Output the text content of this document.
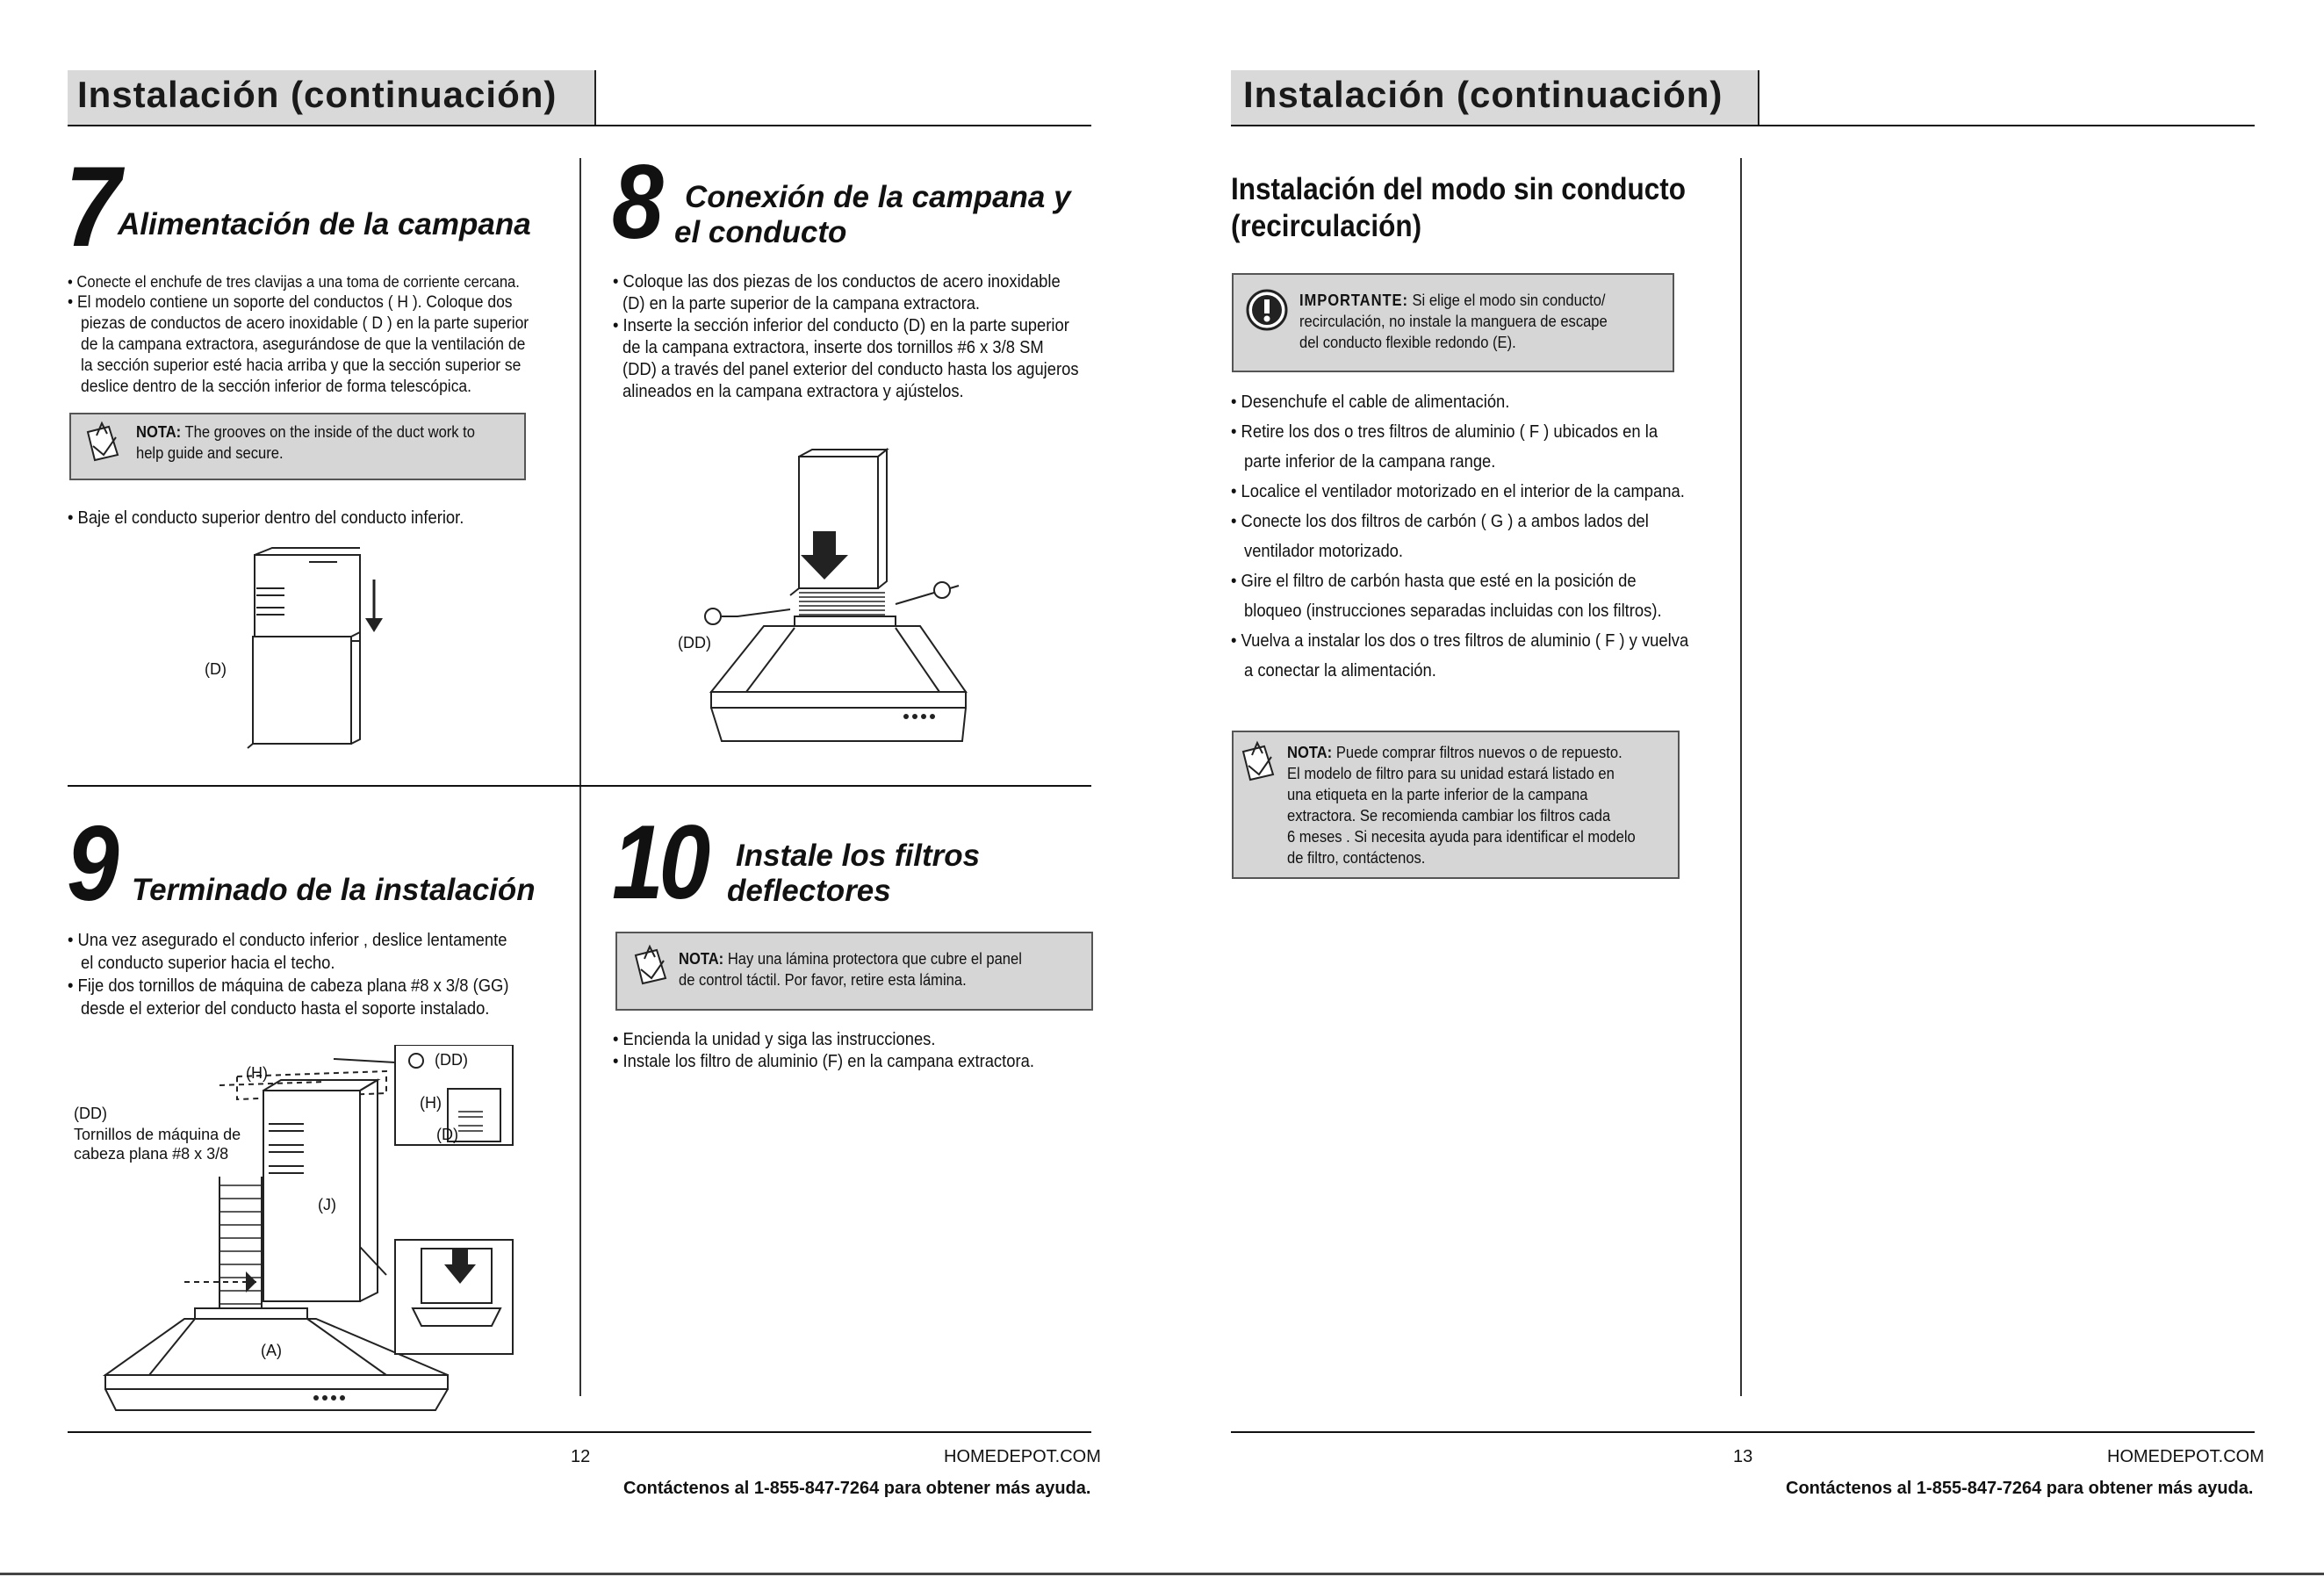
Instalación (continuación)
7 Alimentación de la campana
• Conecte el enchufe de tres clavijas a una toma de corriente cercana.
• El modelo contiene un soporte del conductos ( H ). Coloque dos
piezas de conductos de acero inoxidable ( D ) en la parte superior
de la campana extractora, asegurándose de que la ventilación de
la sección superior esté hacia arriba y que la sección superior se
deslice dentro de la sección inferior de forma telescópica.
NOTA: The grooves on the inside of the duct work to
help guide and secure.
• Baje el conducto superior dentro del conducto inferior.
(D)
8 Conexión de la campana y
el conducto
• Coloque las dos piezas de los conductos de acero inoxidable
(D) en la parte superior de la campana extractora.
• Inserte la sección inferior del conducto (D) en la parte superior
de la campana extractora, inserte dos tornillos #6 x 3/8 SM
(DD) a través del panel exterior del conducto hasta los agujeros
alineados en la campana extractora y ajústelos.
(DD)
9 Terminado de la instalación
• Una vez asegurado el conducto inferior , deslice lentamente
el conducto superior hacia el techo.
• Fije dos tornillos de máquina de cabeza plana #8 x 3/8 (GG)
desde el exterior del conducto hasta el soporte instalado.
(H)
(DD)
Tornillos de máquina de
cabeza plana #8 x 3/8
(J)
(A)
(DD)
(H)
(D)
10 Instale los filtros
deflectores
NOTA: Hay una lámina protectora que cubre el panel
de control táctil. Por favor, retire esta lámina.
• Encienda la unidad y siga las instrucciones.
• Instale los filtro de aluminio (F) en la campana extractora.
12	HOMEDEPOT.COM
Contáctenos al 1-855-847-7264 para obtener más ayuda.
Instalación (continuación)
Instalación del modo sin conducto
(recirculación)
IMPORTANTE: Si elige el modo sin conducto/
recirculación, no instale la manguera de escape
del conducto flexible redondo (E).
• Desenchufe el cable de alimentación.
• Retire los dos o tres filtros de aluminio ( F ) ubicados en la
parte inferior de la campana range.
• Localice el ventilador motorizado en el interior de la campana.
• Conecte los dos filtros de carbón ( G ) a ambos lados del
ventilador motorizado.
• Gire el filtro de carbón hasta que esté en la posición de
bloqueo (instrucciones separadas incluidas con los filtros).
• Vuelva a instalar los dos o tres filtros de aluminio ( F ) y vuelva
a conectar la alimentación.
NOTA: Puede comprar filtros nuevos o de repuesto.
El modelo de filtro para su unidad estará listado en
una etiqueta en la parte inferior de la campana
extractora. Se recomienda cambiar los filtros cada
6 meses . Si necesita ayuda para identificar el modelo
de filtro, contáctenos.
13	HOMEDEPOT.COM
Contáctenos al 1-855-847-7264 para obtener más ayuda.
